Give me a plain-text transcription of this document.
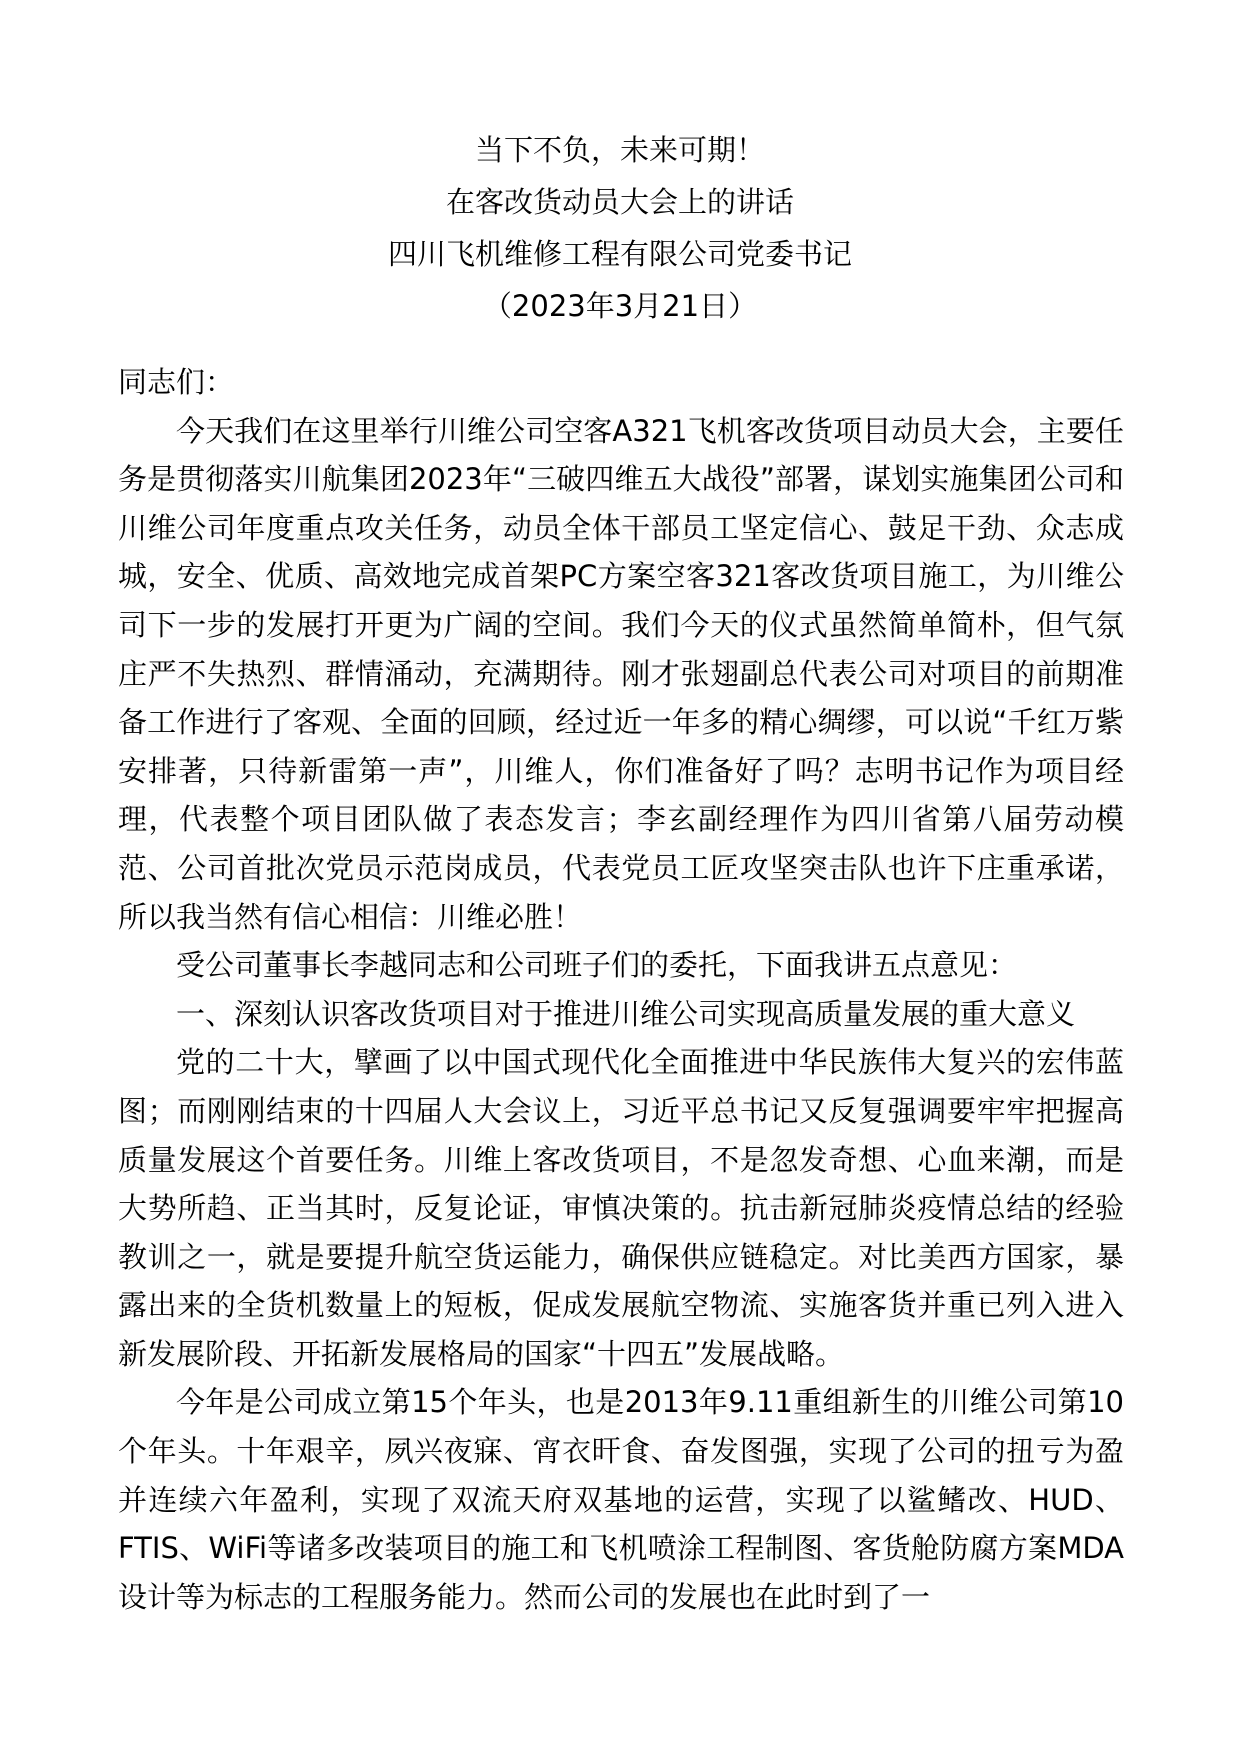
当下不负，未来可期！
在客改货动员大会上的讲话
四川飞机维修工程有限公司党委书记
（2023年3月21日）

同志们：

今天我们在这里举行川维公司空客A321飞机客改货项目动员大会，主要任务是贯彻落实川航集团2023年“三破四维五大战役”部署，谋划实施集团公司和川维公司年度重点攻关任务，动员全体干部员工坚定信心、鼓足干劲、众志成城，安全、优质、高效地完成首架PC方案空客321客改货项目施工，为川维公司下一步的发展打开更为广阔的空间。我们今天的仪式虽然简单简朴，但气氛庄严不失热烈、群情涌动，充满期待。刚才张翅副总代表公司对项目的前期准备工作进行了客观、全面的回顾，经过近一年多的精心绸缪，可以说“千红万紫安排著，只待新雷第一声”，川维人，你们准备好了吗？志明书记作为项目经理，代表整个项目团队做了表态发言；李玄副经理作为四川省第八届劳动模范、公司首批次党员示范岗成员，代表党员工匠攻坚突击队也许下庄重承诺，所以我当然有信心相信：川维必胜！

受公司董事长李越同志和公司班子们的委托，下面我讲五点意见：

一、深刻认识客改货项目对于推进川维公司实现高质量发展的重大意义

党的二十大，擘画了以中国式现代化全面推进中华民族伟大复兴的宏伟蓝图；而刚刚结束的十四届人大会议上，习近平总书记又反复强调要牢牢把握高质量发展这个首要任务。川维上客改货项目，不是忽发奇想、心血来潮，而是大势所趋、正当其时，反复论证，审慎决策的。抗击新冠肺炎疫情总结的经验教训之一，就是要提升航空货运能力，确保供应链稳定。对比美西方国家，暴露出来的全货机数量上的短板，促成发展航空物流、实施客货并重已列入进入新发展阶段、开拓新发展格局的国家“十四五”发展战略。

今年是公司成立第15个年头，也是2013年9.11重组新生的川维公司第10个年头。十年艰辛，夙兴夜寐、宵衣旰食、奋发图强，实现了公司的扭亏为盈并连续六年盈利，实现了双流天府双基地的运营，实现了以鲨鳍改、HUD、FTIS、WiFi等诸多改装项目的施工和飞机喷涂工程制图、客货舱防腐方案MDA设计等为标志的工程服务能力。然而公司的发展也在此时到了一
